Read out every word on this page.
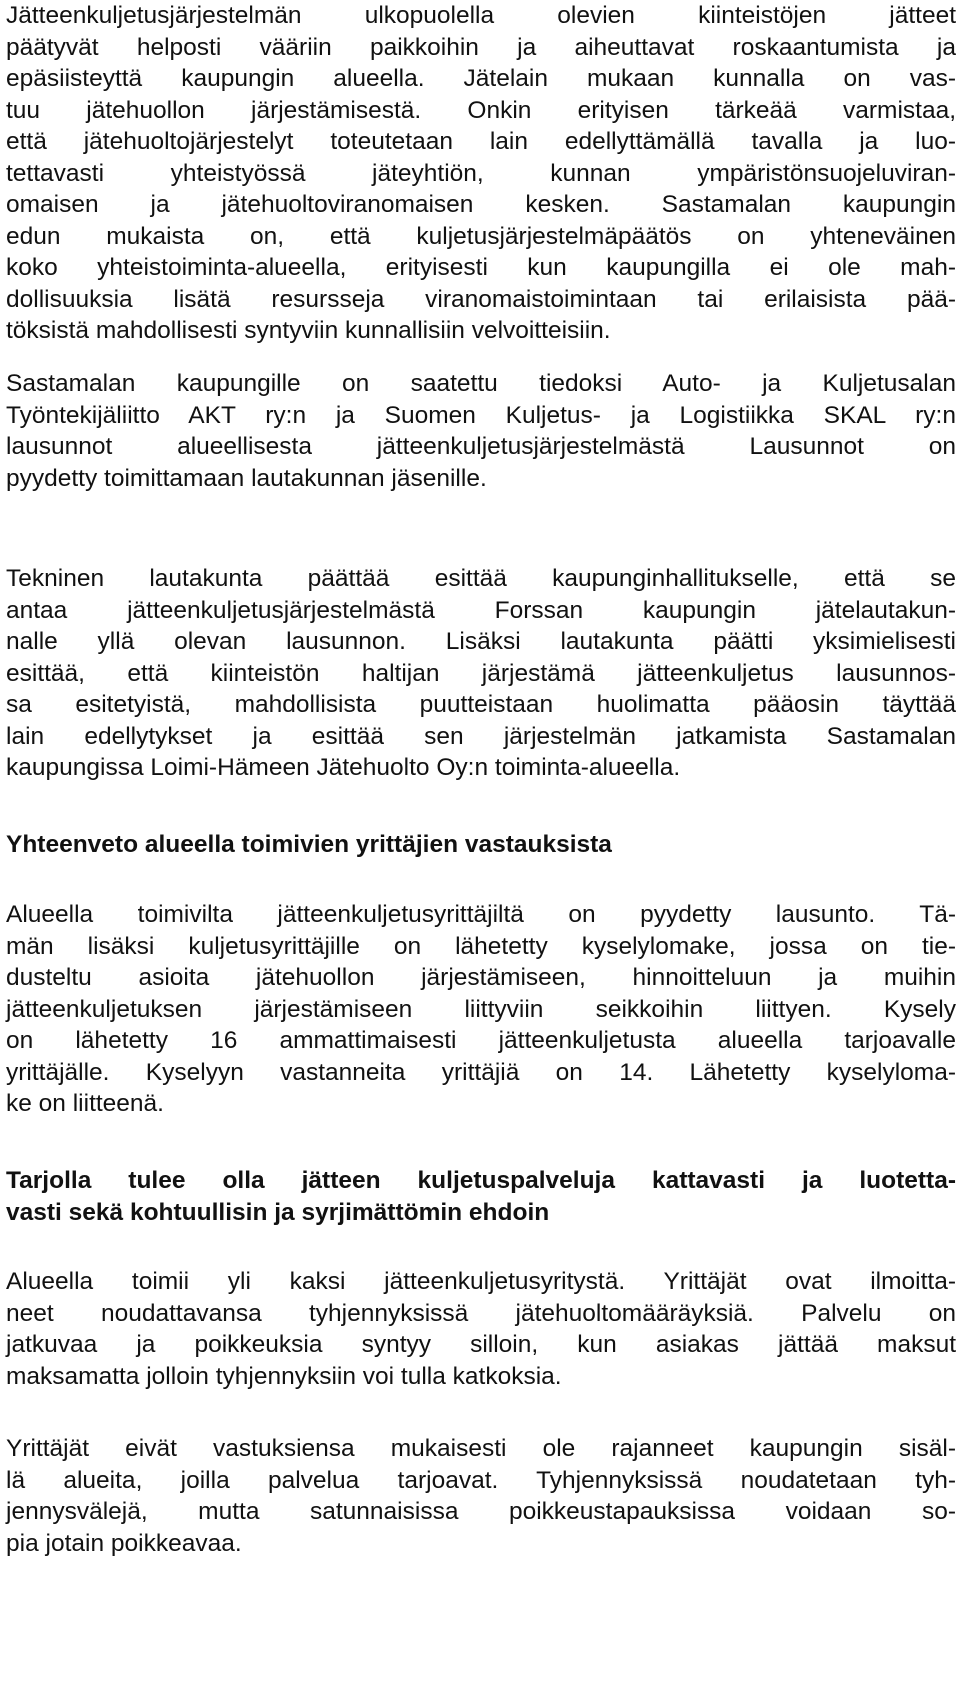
Jätteenkuljetusjärjestelmän ulkopuolella olevien kiinteistöjen jätteet
päätyvät helposti vääriin paikkoihin ja aiheuttavat roskaantumista ja
epäsiisteyttä kaupungin alueella. Jätelain mukaan kunnalla on vas-
tuu jätehuollon järjestämisestä. Onkin erityisen tärkeää varmistaa,
että jätehuoltojärjestelyt toteutetaan lain edellyttämällä tavalla ja luo-
tettavasti yhteistyössä jäteyhtiön, kunnan ympäristönsuojeluviran-
omaisen ja jätehuoltoviranomaisen kesken. Sastamalan kaupungin
edun mukaista on, että kuljetusjärjestelmäpäätös on yhteneväinen
koko yhteistoiminta-alueella, erityisesti kun kaupungilla ei ole mah-
dollisuuksia lisätä resursseja viranomaistoimintaan tai erilaisista pää-
töksistä mahdollisesti syntyviin kunnallisiin velvoitteisiin.
Sastamalan kaupungille on saatettu tiedoksi Auto- ja Kuljetusalan
Työntekijäliitto AKT ry:n ja Suomen Kuljetus- ja Logistiikka SKAL ry:n
lausunnot alueellisesta jätteenkuljetusjärjestelmästä Lausunnot on
pyydetty toimittamaan lautakunnan jäsenille.
Tekninen lautakunta päättää esittää kaupunginhallitukselle, että se
antaa jätteenkuljetusjärjestelmästä Forssan kaupungin jätelautakun-
nalle yllä olevan lausunnon. Lisäksi lautakunta päätti yksimielisesti
esittää, että kiinteistön haltijan järjestämä jätteenkuljetus lausunnos-
sa esitetyistä, mahdollisista puutteistaan huolimatta pääosin täyttää
lain edellytykset ja esittää sen järjestelmän jatkamista Sastamalan
kaupungissa Loimi-Hämeen Jätehuolto Oy:n toiminta-alueella.
Yhteenveto alueella toimivien yrittäjien vastauksista
Alueella toimivilta jätteenkuljetusyrittäjiltä on pyydetty lausunto. Tä-
män lisäksi kuljetusyrittäjille on lähetetty kyselylomake, jossa on tie-
dusteltu asioita jätehuollon järjestämiseen, hinnoitteluun ja muihin
jätteenkuljetuksen järjestämiseen liittyviin seikkoihin liittyen. Kysely
on lähetetty 16 ammattimaisesti jätteenkuljetusta alueella tarjoavalle
yrittäjälle. Kyselyyn vastanneita yrittäjiä on 14. Lähetetty kyselyloma-
ke on liitteenä.
Tarjolla tulee olla jätteen kuljetuspalveluja kattavasti ja luotetta-
vasti sekä kohtuullisin ja syrjimättömin ehdoin
Alueella toimii yli kaksi jätteenkuljetusyritystä. Yrittäjät ovat ilmoitta-
neet noudattavansa tyhjennyksissä jätehuoltomääräyksiä. Palvelu on
jatkuvaa ja poikkeuksia syntyy silloin, kun asiakas jättää maksut
maksamatta jolloin tyhjennyksiin voi tulla katkoksia.
Yrittäjät eivät vastuksiensa mukaisesti ole rajanneet kaupungin sisäl-
lä alueita, joilla palvelua tarjoavat. Tyhjennyksissä noudatetaan tyh-
jennysvälejä, mutta satunnaisissa poikkeustapauksissa voidaan so-
pia jotain poikkeavaa.
